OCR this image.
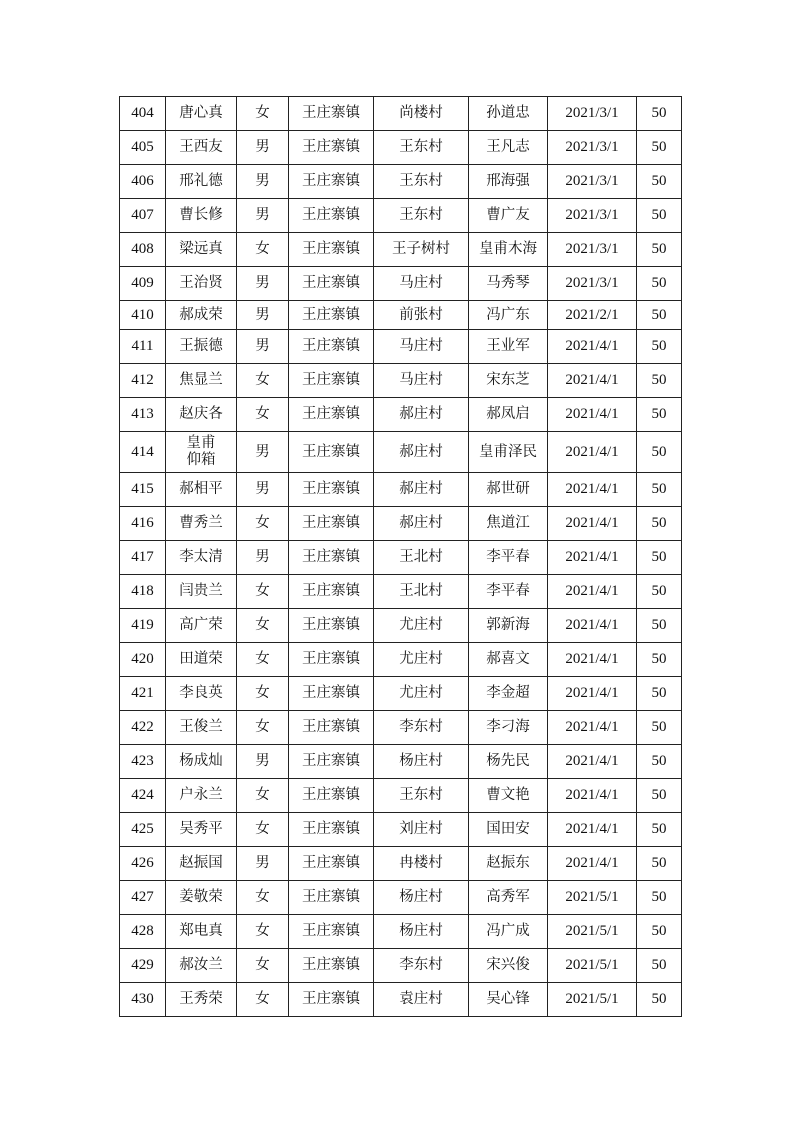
404	唐心真	女	王庄寨镇	尚楼村	孙道忠	2021/3/1	50
405	王西友	男	王庄寨镇	王东村	王凡志	2021/3/1	50
406	邢礼德	男	王庄寨镇	王东村	邢海强	2021/3/1	50
407	曹长修	男	王庄寨镇	王东村	曹广友	2021/3/1	50
408	梁远真	女	王庄寨镇	王子树村	皇甫木海	2021/3/1	50
409	王治贤	男	王庄寨镇	马庄村	马秀琴	2021/3/1	50
410	郝成荣	男	王庄寨镇	前张村	冯广东	2021/2/1	50
411	王振德	男	王庄寨镇	马庄村	王业军	2021/4/1	50
412	焦显兰	女	王庄寨镇	马庄村	宋东芝	2021/4/1	50
413	赵庆各	女	王庄寨镇	郝庄村	郝凤启	2021/4/1	50
414	皇甫仰箱	男	王庄寨镇	郝庄村	皇甫泽民	2021/4/1	50
415	郝相平	男	王庄寨镇	郝庄村	郝世研	2021/4/1	50
416	曹秀兰	女	王庄寨镇	郝庄村	焦道江	2021/4/1	50
417	李太清	男	王庄寨镇	王北村	李平春	2021/4/1	50
418	闫贵兰	女	王庄寨镇	王北村	李平春	2021/4/1	50
419	高广荣	女	王庄寨镇	尤庄村	郭新海	2021/4/1	50
420	田道荣	女	王庄寨镇	尤庄村	郝喜文	2021/4/1	50
421	李良英	女	王庄寨镇	尤庄村	李金超	2021/4/1	50
422	王俊兰	女	王庄寨镇	李东村	李刁海	2021/4/1	50
423	杨成灿	男	王庄寨镇	杨庄村	杨先民	2021/4/1	50
424	户永兰	女	王庄寨镇	王东村	曹文艳	2021/4/1	50
425	吴秀平	女	王庄寨镇	刘庄村	国田安	2021/4/1	50
426	赵振国	男	王庄寨镇	冉楼村	赵振东	2021/4/1	50
427	姜敬荣	女	王庄寨镇	杨庄村	高秀军	2021/5/1	50
428	郑电真	女	王庄寨镇	杨庄村	冯广成	2021/5/1	50
429	郝汝兰	女	王庄寨镇	李东村	宋兴俊	2021/5/1	50
430	王秀荣	女	王庄寨镇	袁庄村	吴心锋	2021/5/1	50
